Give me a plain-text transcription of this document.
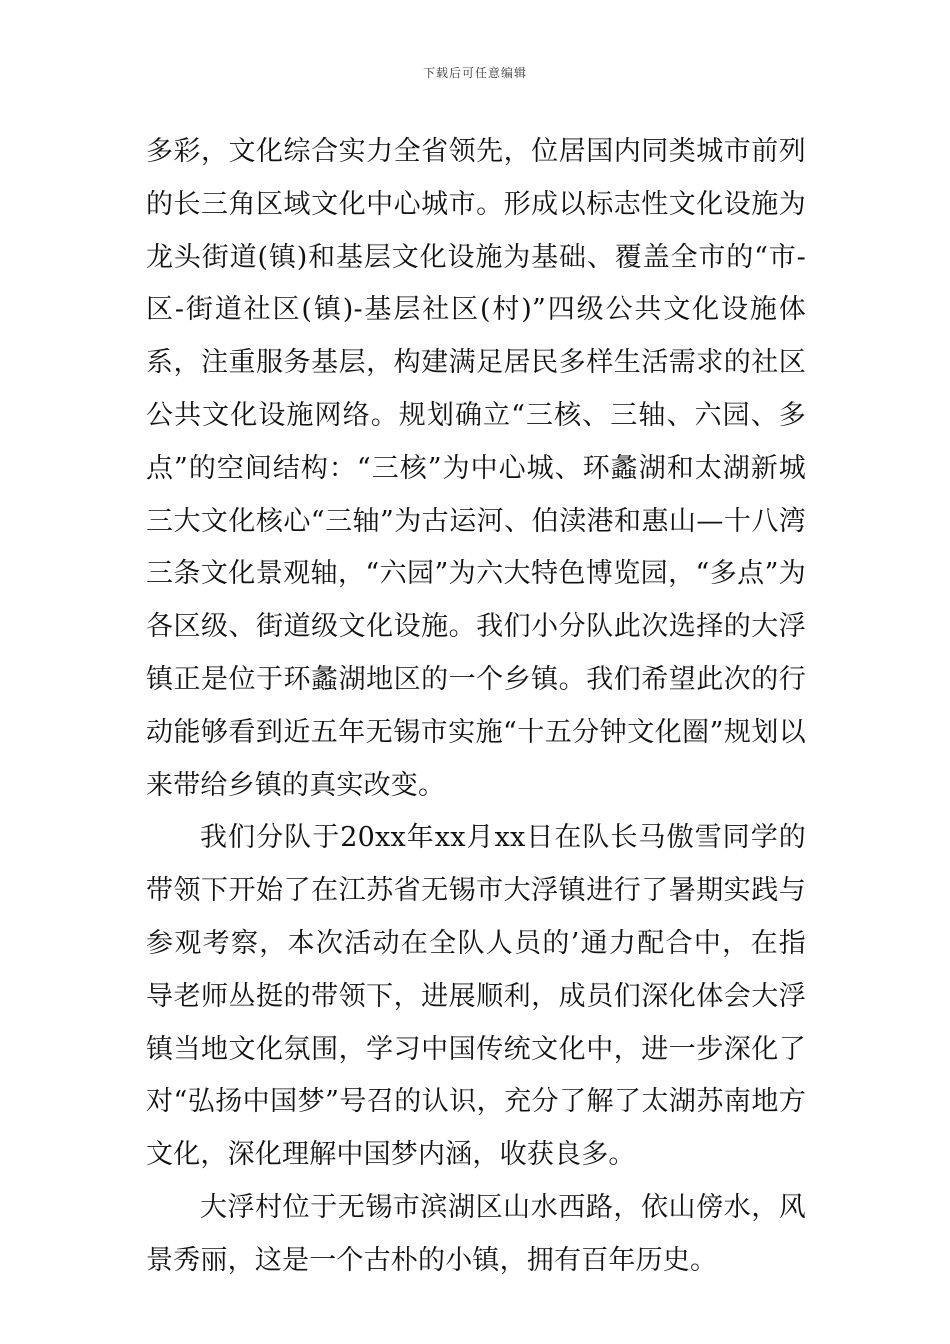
下载后可任意编辑

多彩，文化综合实力全省领先，位居国内同类城市前列的长三角区域文化中心城市。形成以标志性文化设施为龙头街道(镇)和基层文化设施为基础、覆盖全市的“市-区-街道社区(镇)-基层社区(村)”四级公共文化设施体系，注重服务基层，构建满足居民多样生活需求的社区公共文化设施网络。规划确立“三核、三轴、六园、多点”的空间结构：“三核”为中心城、环蠡湖和太湖新城三大文化核心“三轴”为古运河、伯渎港和惠山—十八湾三条文化景观轴，“六园”为六大特色博览园，“多点”为各区级、街道级文化设施。我们小分队此次选择的大浮镇正是位于环蠡湖地区的一个乡镇。我们希望此次的行动能够看到近五年无锡市实施“十五分钟文化圈”规划以来带给乡镇的真实改变。

我们分队于20xx年xx月xx日在队长马傲雪同学的带领下开始了在江苏省无锡市大浮镇进行了暑期实践与参观考察，本次活动在全队人员的’通力配合中，在指导老师丛挺的带领下，进展顺利，成员们深化体会大浮镇当地文化氛围，学习中国传统文化中，进一步深化了对“弘扬中国梦”号召的认识，充分了解了太湖苏南地方文化，深化理解中国梦内涵，收获良多。

大浮村位于无锡市滨湖区山水西路，依山傍水，风景秀丽，这是一个古朴的小镇，拥有百年历史。
